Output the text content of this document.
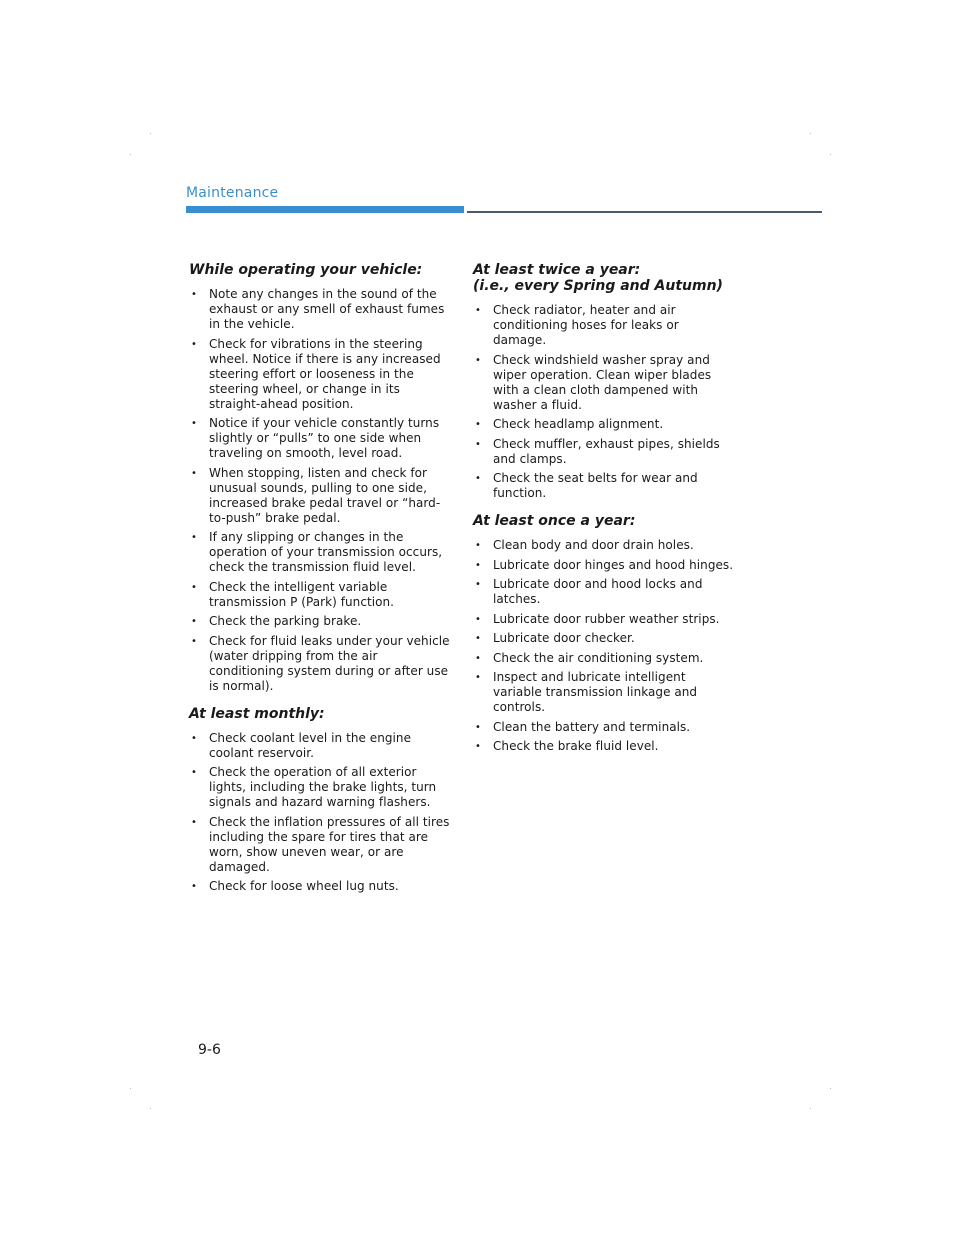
Maintenance
While operating your vehicle:
• Note any changes in the sound of the exhaust or any smell of exhaust fumes in the vehicle.
• Check for vibrations in the steering wheel. Notice if there is any increased steering effort or looseness in the steering wheel, or change in its straight-ahead position.
• Notice if your vehicle constantly turns slightly or “pulls” to one side when traveling on smooth, level road.
• When stopping, listen and check for unusual sounds, pulling to one side, increased brake pedal travel or “hard-to-push” brake pedal.
• If any slipping or changes in the operation of your transmission occurs, check the transmission fluid level.
• Check the intelligent variable transmission P (Park) function.
• Check the parking brake.
• Check for fluid leaks under your vehicle (water dripping from the air conditioning system during or after use is normal).
At least monthly:
• Check coolant level in the engine coolant reservoir.
• Check the operation of all exterior lights, including the brake lights, turn signals and hazard warning flashers.
• Check the inflation pressures of all tires including the spare for tires that are worn, show uneven wear, or are damaged.
• Check for loose wheel lug nuts.
At least twice a year:
(i.e., every Spring and Autumn)
• Check radiator, heater and air conditioning hoses for leaks or damage.
• Check windshield washer spray and wiper operation. Clean wiper blades with a clean cloth dampened with washer a fluid.
• Check headlamp alignment.
• Check muffler, exhaust pipes, shields and clamps.
• Check the seat belts for wear and function.
At least once a year:
• Clean body and door drain holes.
• Lubricate door hinges and hood hinges.
• Lubricate door and hood locks and latches.
• Lubricate door rubber weather strips.
• Lubricate door checker.
• Check the air conditioning system.
• Inspect and lubricate intelligent variable transmission linkage and controls.
• Clean the battery and terminals.
• Check the brake fluid level.
9-6
